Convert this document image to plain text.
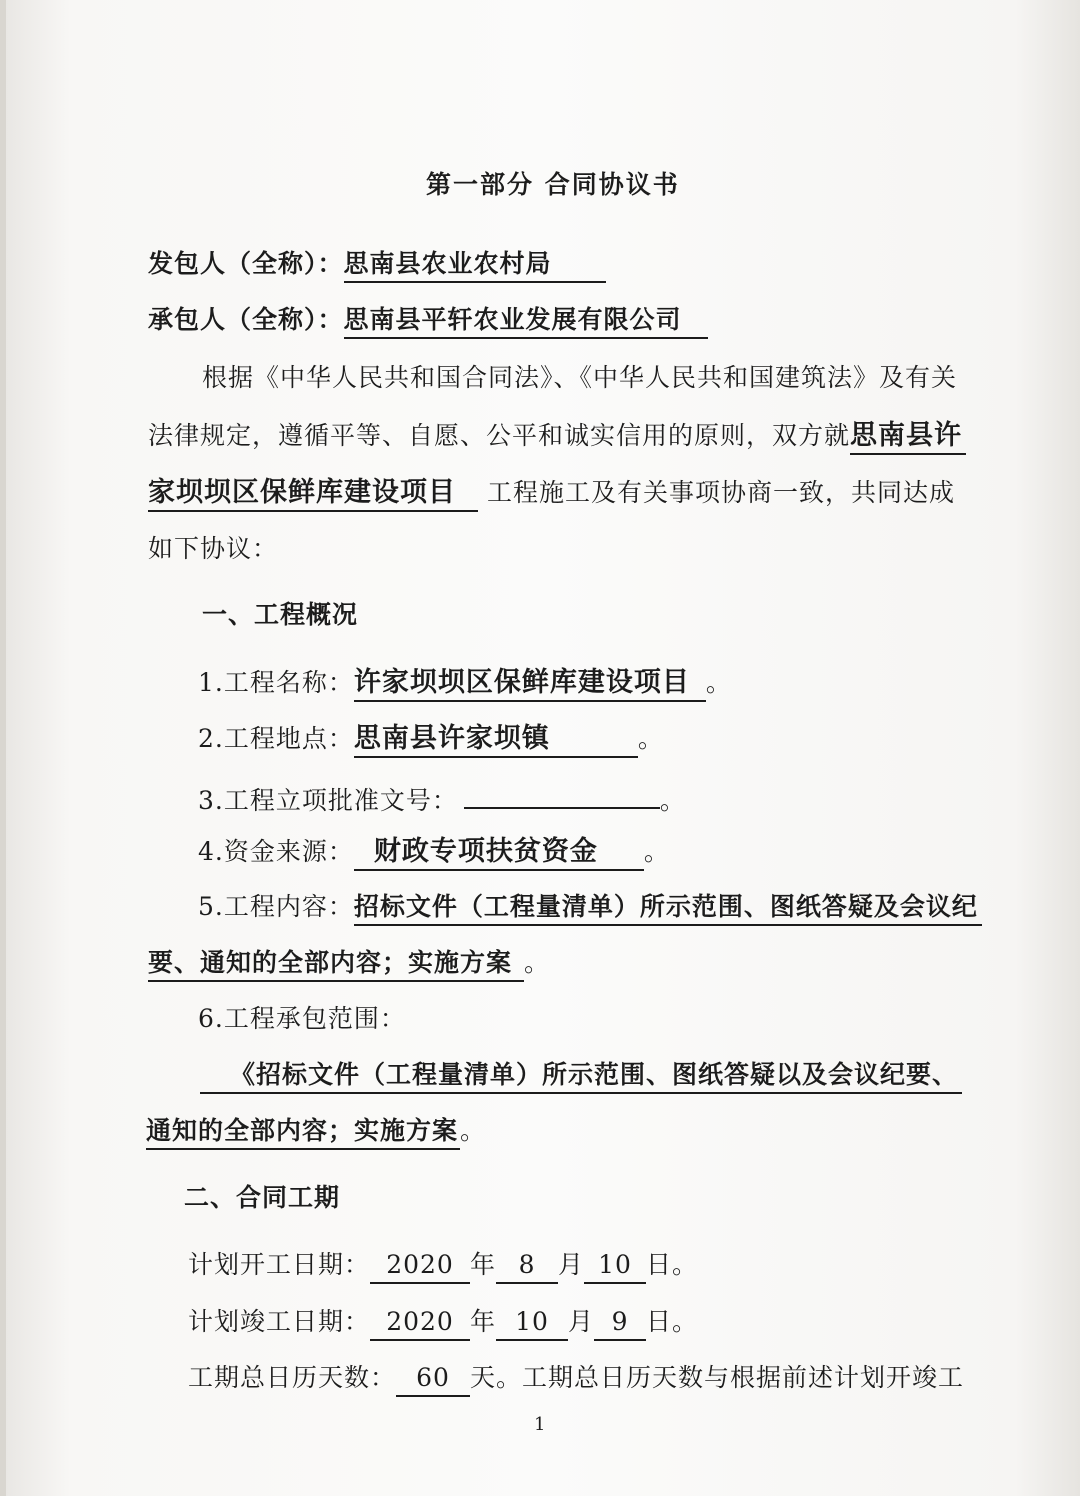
第一部分 合同协议书
发包人（全称）：思南县农业农村局
承包人（全称）：思南县平轩农业发展有限公司
根据《中华人民共和国合同法》、《中华人民共和国建筑法》及有关
法律规定，遵循平等、自愿、公平和诚实信用的原则，双方就思南县许
家坝坝区保鲜库建设项目 工程施工及有关事项协商一致，共同达成
如下协议：
一、工程概况
1.工程名称：许家坝坝区保鲜库建设项目 。
2.工程地点：思南县许家坝镇	。
3.工程立项批准文号：	。
4.资金来源： 财政专项扶贫资金 。
5.工程内容：招标文件（工程量清单）所示范围、图纸答疑及会议纪
要、通知的全部内容；实施方案 。
6.工程承包范围：
《招标文件（工程量清单）所示范围、图纸答疑以及会议纪要、
通知的全部内容；实施方案。
二、合同工期
计划开工日期： 2020 年 8 月 10 日。
计划竣工日期： 2020 年 10 月 9 日。
工期总日历天数： 60 天。工期总日历天数与根据前述计划开竣工
1
